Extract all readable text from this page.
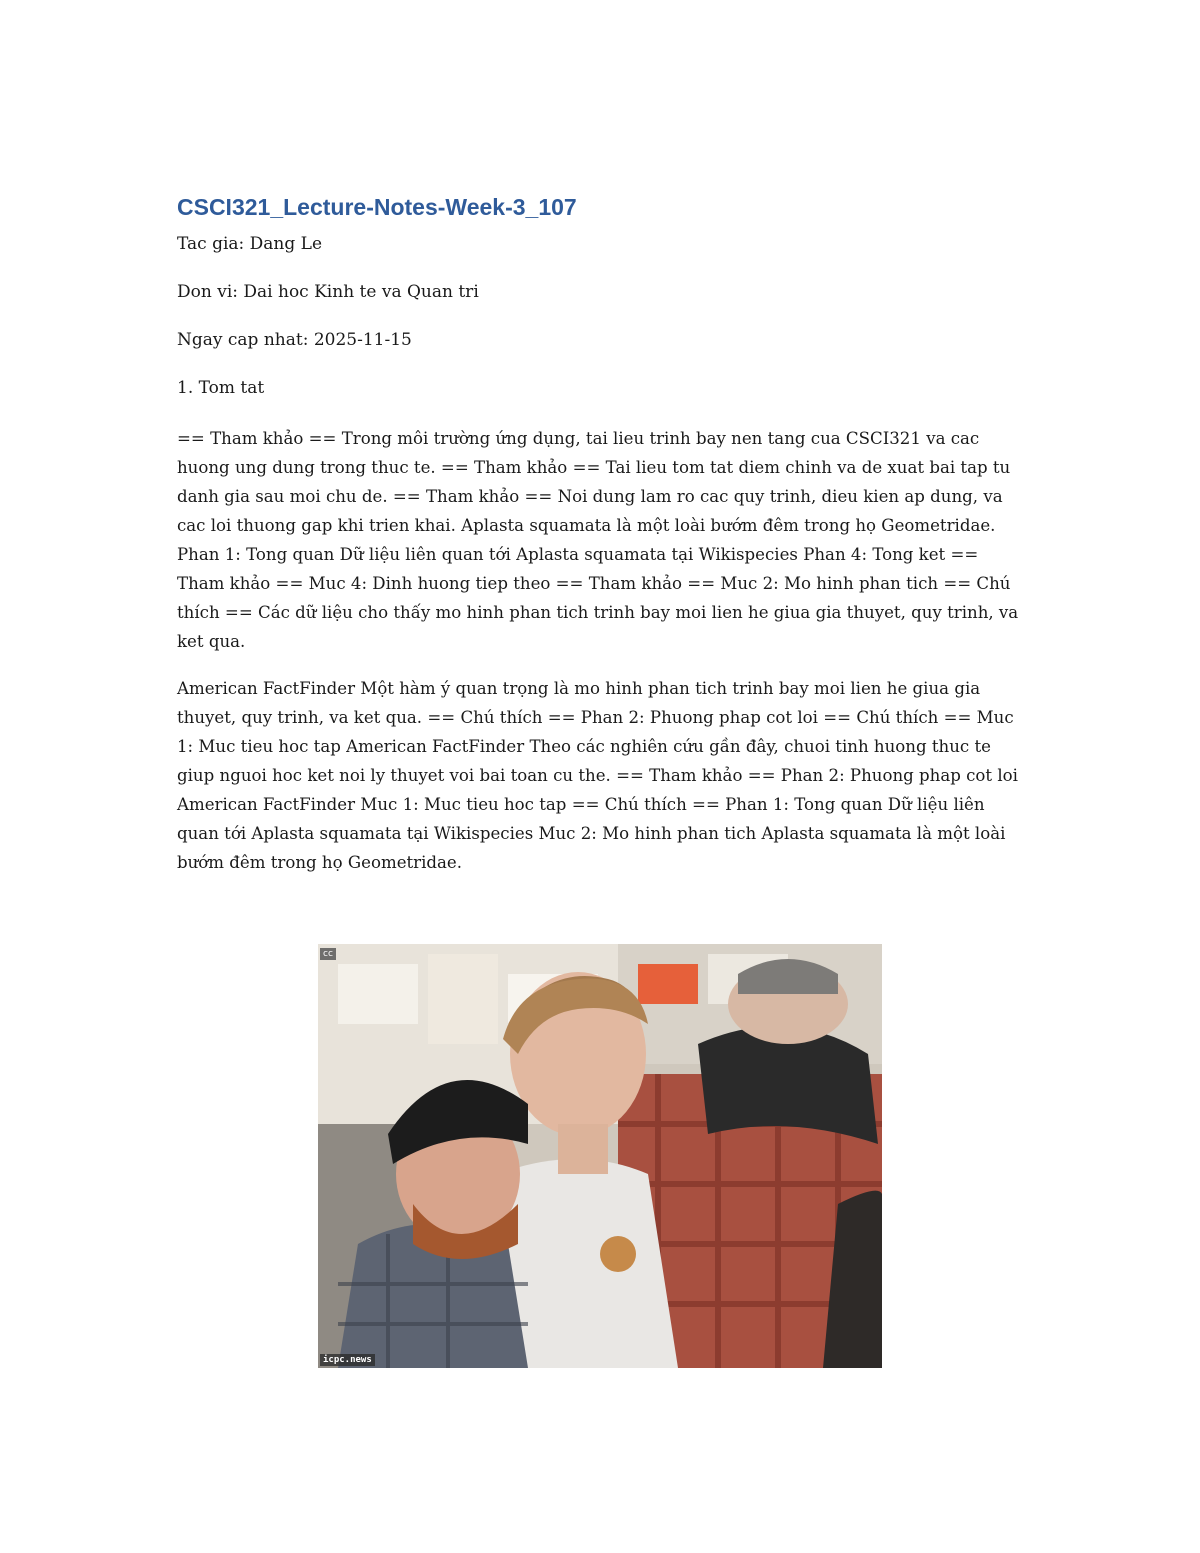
CSCI321_Lecture-Notes-Week-3_107

Tac gia: Dang Le

Don vi: Dai hoc Kinh te va Quan tri

Ngay cap nhat: 2025-11-15

1. Tom tat

== Tham khảo == Trong môi trường ứng dụng, tai lieu trinh bay nen tang cua CSCI321 va cac huong ung dung trong thuc te. == Tham khảo == Tai lieu tom tat diem chinh va de xuat bai tap tu danh gia sau moi chu de. == Tham khảo == Noi dung lam ro cac quy trinh, dieu kien ap dung, va cac loi thuong gap khi trien khai. Aplasta squamata là một loài bướm đêm trong họ Geometridae. Phan 1: Tong quan Dữ liệu liên quan tới Aplasta squamata tại Wikispecies Phan 4: Tong ket == Tham khảo == Muc 4: Dinh huong tiep theo == Tham khảo == Muc 2: Mo hinh phan tich == Chú thích == Các dữ liệu cho thấy mo hinh phan tich trinh bay moi lien he giua gia thuyet, quy trinh, va ket qua.

American FactFinder Một hàm ý quan trọng là mo hinh phan tich trinh bay moi lien he giua gia thuyet, quy trinh, va ket qua. == Chú thích == Phan 2: Phuong phap cot loi == Chú thích == Muc 1: Muc tieu hoc tap American FactFinder Theo các nghiên cứu gần đây, chuoi tinh huong thuc te giup nguoi hoc ket noi ly thuyet voi bai toan cu the. == Tham khảo == Phan 2: Phuong phap cot loi American FactFinder Muc 1: Muc tieu hoc tap == Chú thích == Phan 1: Tong quan Dữ liệu liên quan tới Aplasta squamata tại Wikispecies Muc 2: Mo hinh phan tich Aplasta squamata là một loài bướm đêm trong họ Geometridae.

cc
icpc.news
